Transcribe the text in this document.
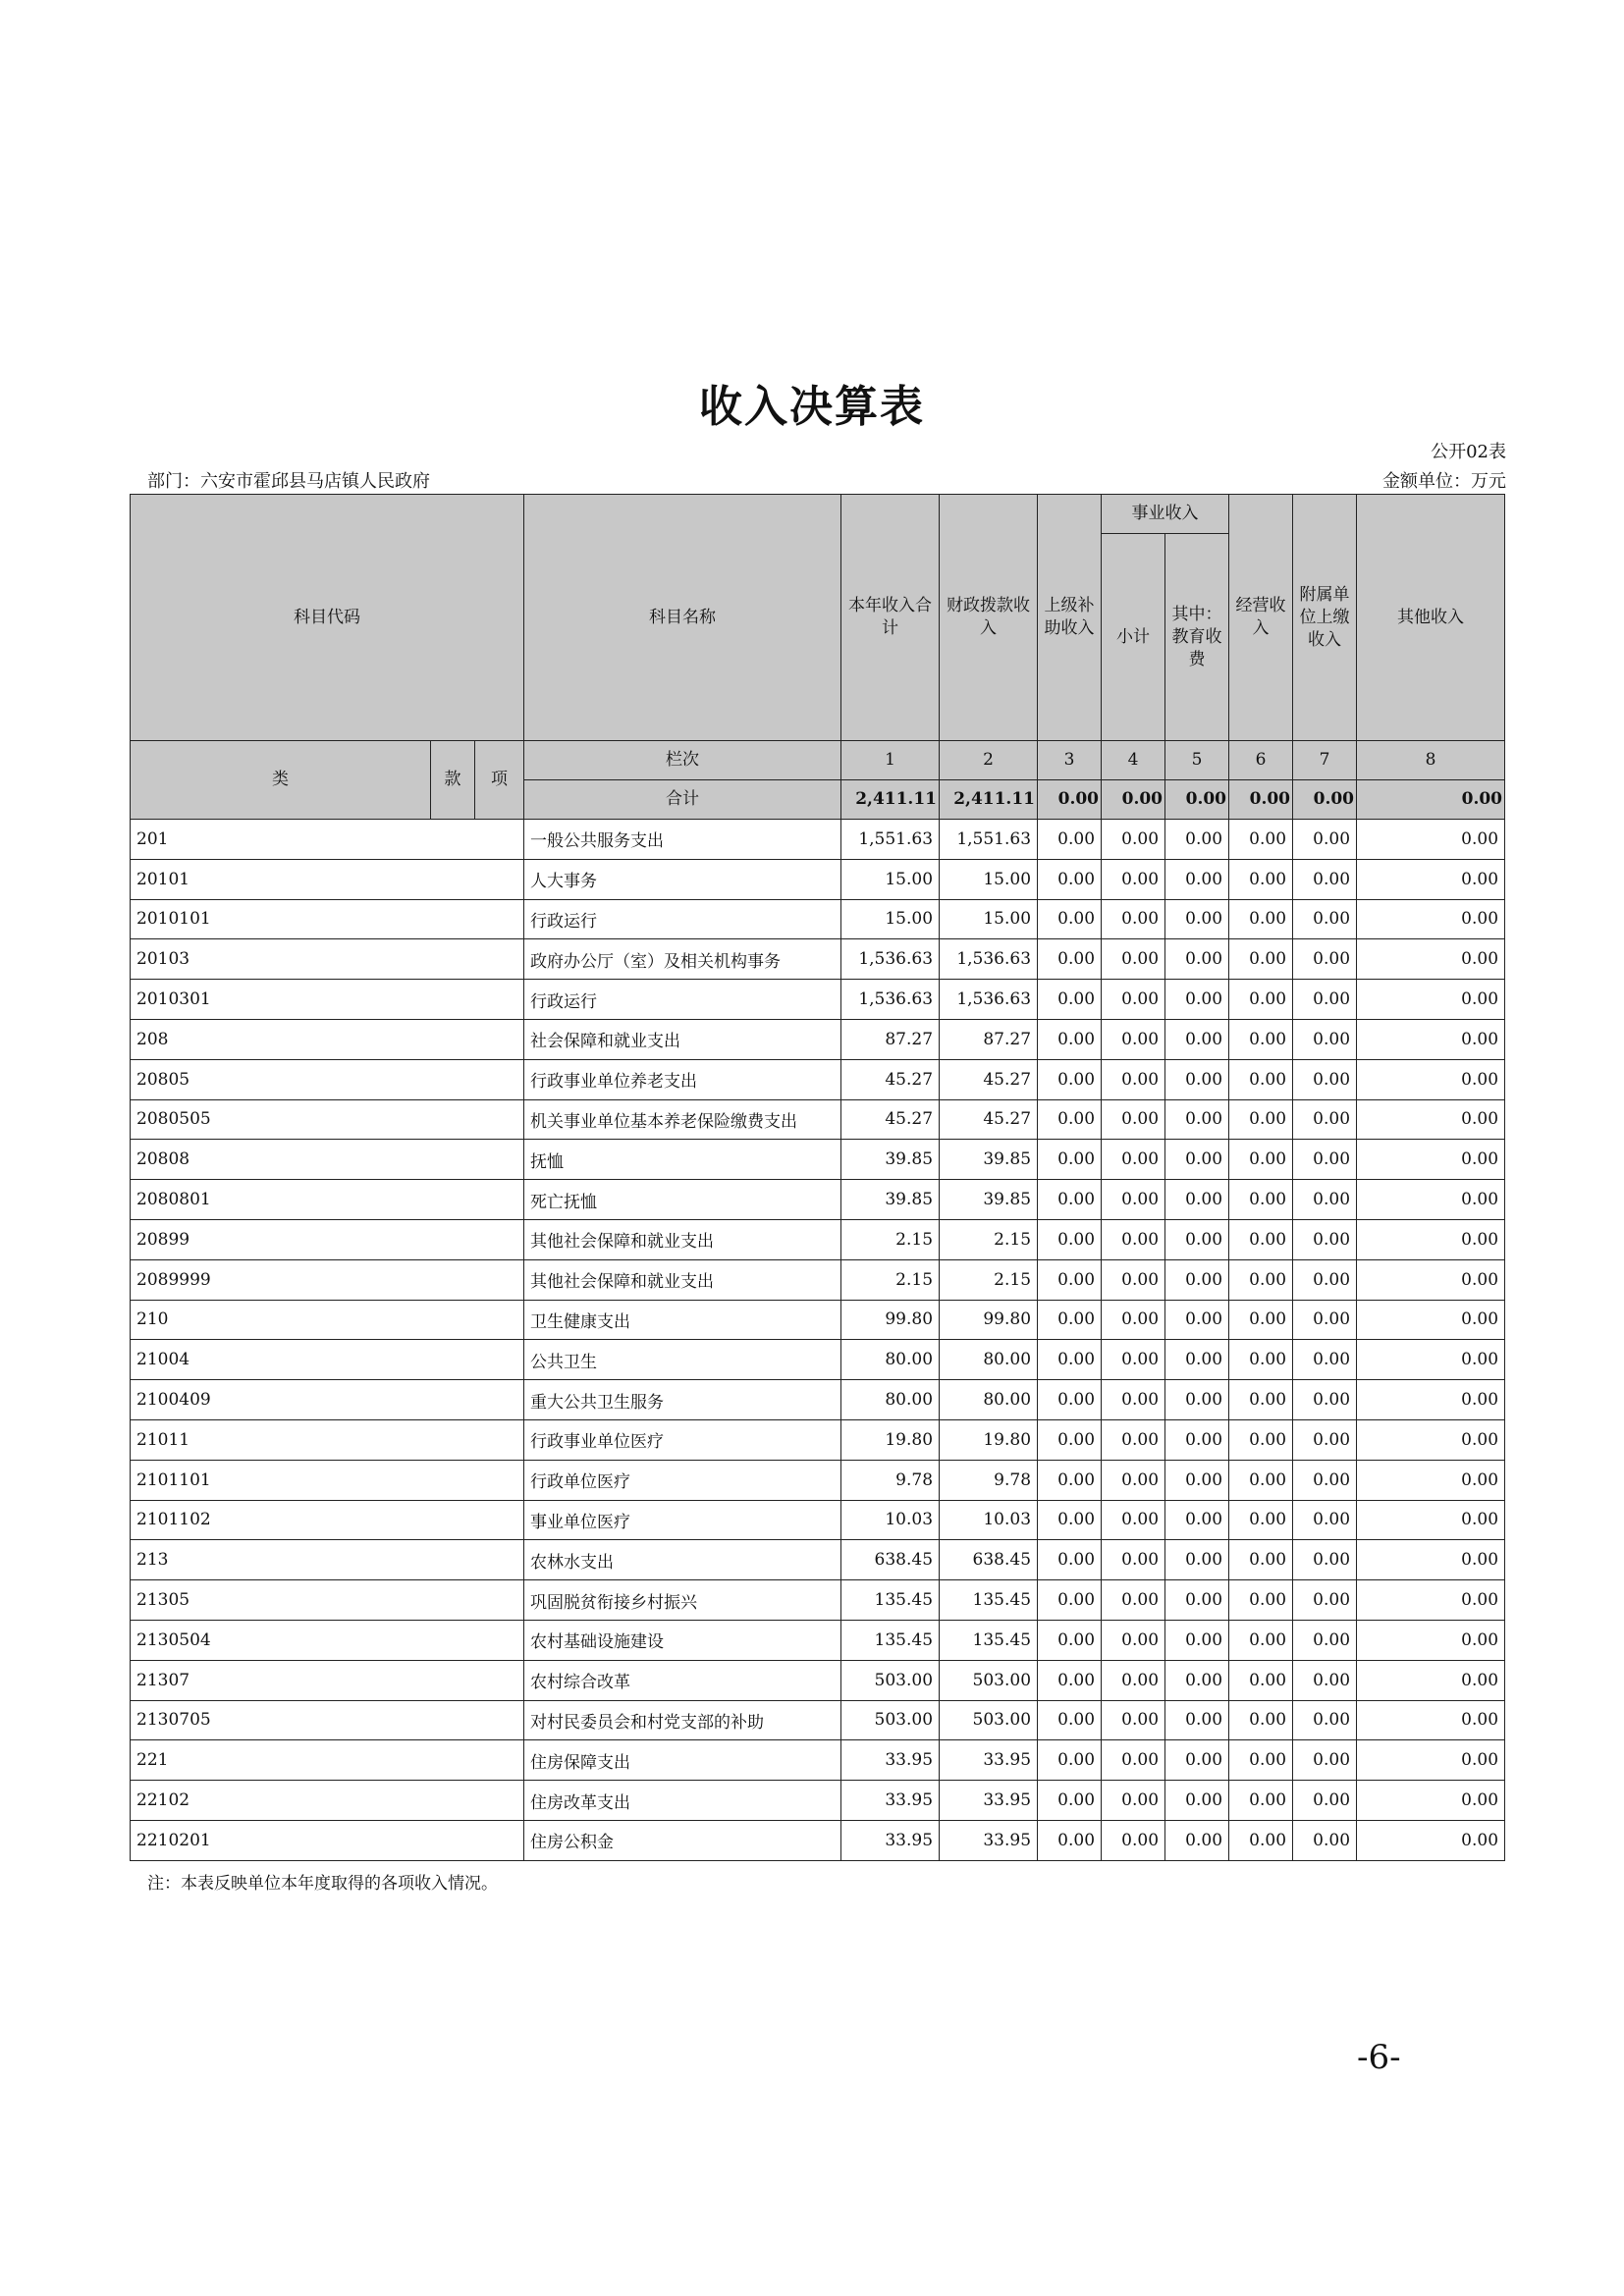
收入决算表
公开02表
部门：六安市霍邱县马店镇人民政府	金额单位：万元
科目代码			科目名称	本年收入合计	财政拨款收入	上级补助收入	事业收入		经营收入	附属单位上缴收入	其他收入
							小计	其中：教育收费			
类	款	项	栏次	1	2	3	4	5	6	7	8
			合计	2,411.11	2,411.11	0.00	0.00	0.00	0.00	0.00	0.00
201			一般公共服务支出	1,551.63	1,551.63	0.00	0.00	0.00	0.00	0.00	0.00
20101			人大事务	15.00	15.00	0.00	0.00	0.00	0.00	0.00	0.00
2010101			行政运行	15.00	15.00	0.00	0.00	0.00	0.00	0.00	0.00
20103			政府办公厅（室）及相关机构事务	1,536.63	1,536.63	0.00	0.00	0.00	0.00	0.00	0.00
2010301			行政运行	1,536.63	1,536.63	0.00	0.00	0.00	0.00	0.00	0.00
208			社会保障和就业支出	87.27	87.27	0.00	0.00	0.00	0.00	0.00	0.00
20805			行政事业单位养老支出	45.27	45.27	0.00	0.00	0.00	0.00	0.00	0.00
2080505			机关事业单位基本养老保险缴费支出	45.27	45.27	0.00	0.00	0.00	0.00	0.00	0.00
20808			抚恤	39.85	39.85	0.00	0.00	0.00	0.00	0.00	0.00
2080801			死亡抚恤	39.85	39.85	0.00	0.00	0.00	0.00	0.00	0.00
20899			其他社会保障和就业支出	2.15	2.15	0.00	0.00	0.00	0.00	0.00	0.00
2089999			其他社会保障和就业支出	2.15	2.15	0.00	0.00	0.00	0.00	0.00	0.00
210			卫生健康支出	99.80	99.80	0.00	0.00	0.00	0.00	0.00	0.00
21004			公共卫生	80.00	80.00	0.00	0.00	0.00	0.00	0.00	0.00
2100409			重大公共卫生服务	80.00	80.00	0.00	0.00	0.00	0.00	0.00	0.00
21011			行政事业单位医疗	19.80	19.80	0.00	0.00	0.00	0.00	0.00	0.00
2101101			行政单位医疗	9.78	9.78	0.00	0.00	0.00	0.00	0.00	0.00
2101102			事业单位医疗	10.03	10.03	0.00	0.00	0.00	0.00	0.00	0.00
213			农林水支出	638.45	638.45	0.00	0.00	0.00	0.00	0.00	0.00
21305			巩固脱贫衔接乡村振兴	135.45	135.45	0.00	0.00	0.00	0.00	0.00	0.00
2130504			农村基础设施建设	135.45	135.45	0.00	0.00	0.00	0.00	0.00	0.00
21307			农村综合改革	503.00	503.00	0.00	0.00	0.00	0.00	0.00	0.00
2130705			对村民委员会和村党支部的补助	503.00	503.00	0.00	0.00	0.00	0.00	0.00	0.00
221			住房保障支出	33.95	33.95	0.00	0.00	0.00	0.00	0.00	0.00
22102			住房改革支出	33.95	33.95	0.00	0.00	0.00	0.00	0.00	0.00
2210201			住房公积金	33.95	33.95	0.00	0.00	0.00	0.00	0.00	0.00
注：本表反映单位本年度取得的各项收入情况。
-6-
